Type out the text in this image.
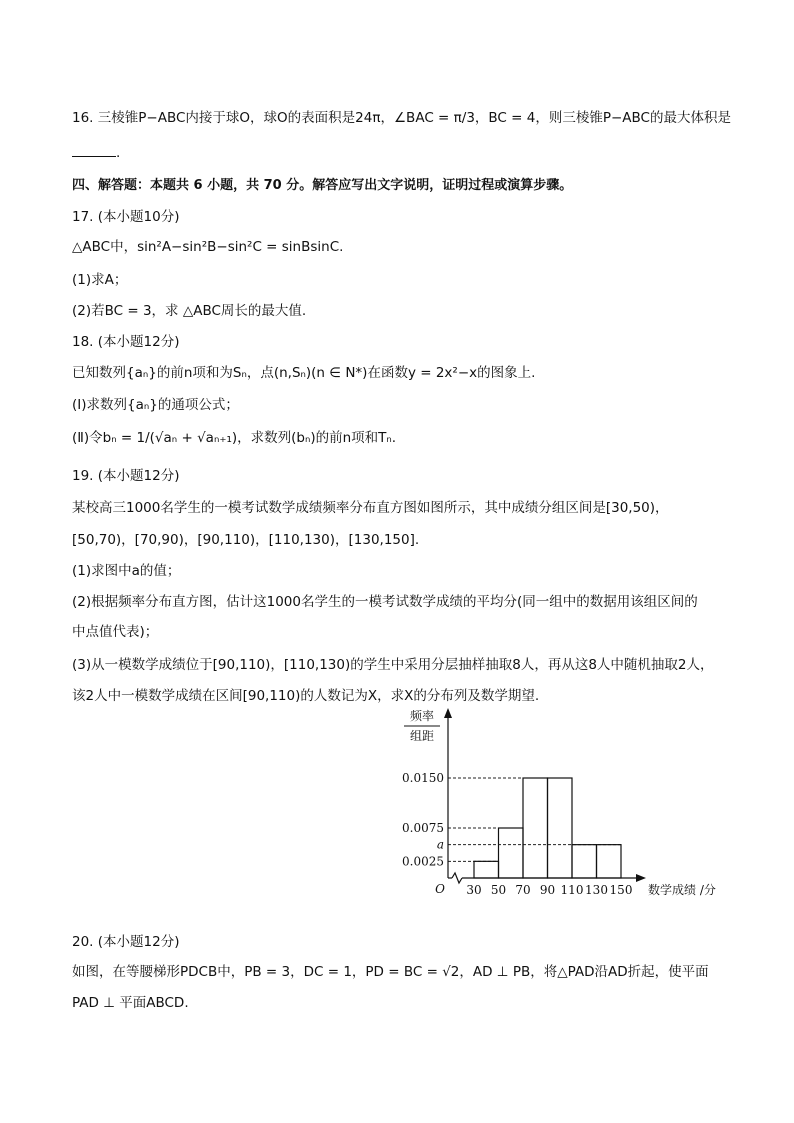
16. 三棱锥P−ABC内接于球O，球O的表面积是24π，∠BAC = π/3，BC = 4，则三棱锥P−ABC的最大体积是
.
四、解答题：本题共 6 小题，共 70 分。解答应写出文字说明，证明过程或演算步骤。
17. (本小题10分)
△ABC中，sin²A−sin²B−sin²C = sinBsinC.
(1)求A；
(2)若BC = 3，求 △ABC周长的最大值.
18. (本小题12分)
已知数列{aₙ}的前n项和为Sₙ，点(n,Sₙ)(n ∈ N*)在函数y = 2x²−x的图象上.
(Ⅰ)求数列{aₙ}的通项公式；
(Ⅱ)令bₙ = 1/(√aₙ + √aₙ₊₁)，求数列(bₙ)的前n项和Tₙ.
19. (本小题12分)
某校高三1000名学生的一模考试数学成绩频率分布直方图如图所示，其中成绩分组区间是[30,50)，
[50,70)，[70,90)，[90,110)，[110,130)，[130,150].
(1)求图中a的值；
(2)根据频率分布直方图，估计这1000名学生的一模考试数学成绩的平均分(同一组中的数据用该组区间的
中点值代表)；
(3)从一模数学成绩位于[90,110)，[110,130)的学生中采用分层抽样抽取8人，再从这8人中随机抽取2人，
该2人中一模数学成绩在区间[90,110)的人数记为X，求X的分布列及数学期望.
0.0150
0.0075
a
0.0025
30 50 70 90 110 130 150
O
频率
组距
数学成绩 /分
20. (本小题12分)
如图，在等腰梯形PDCB中，PB = 3，DC = 1，PD = BC = √2，AD ⊥ PB，将△PAD沿AD折起，使平面
PAD ⊥ 平面ABCD.
